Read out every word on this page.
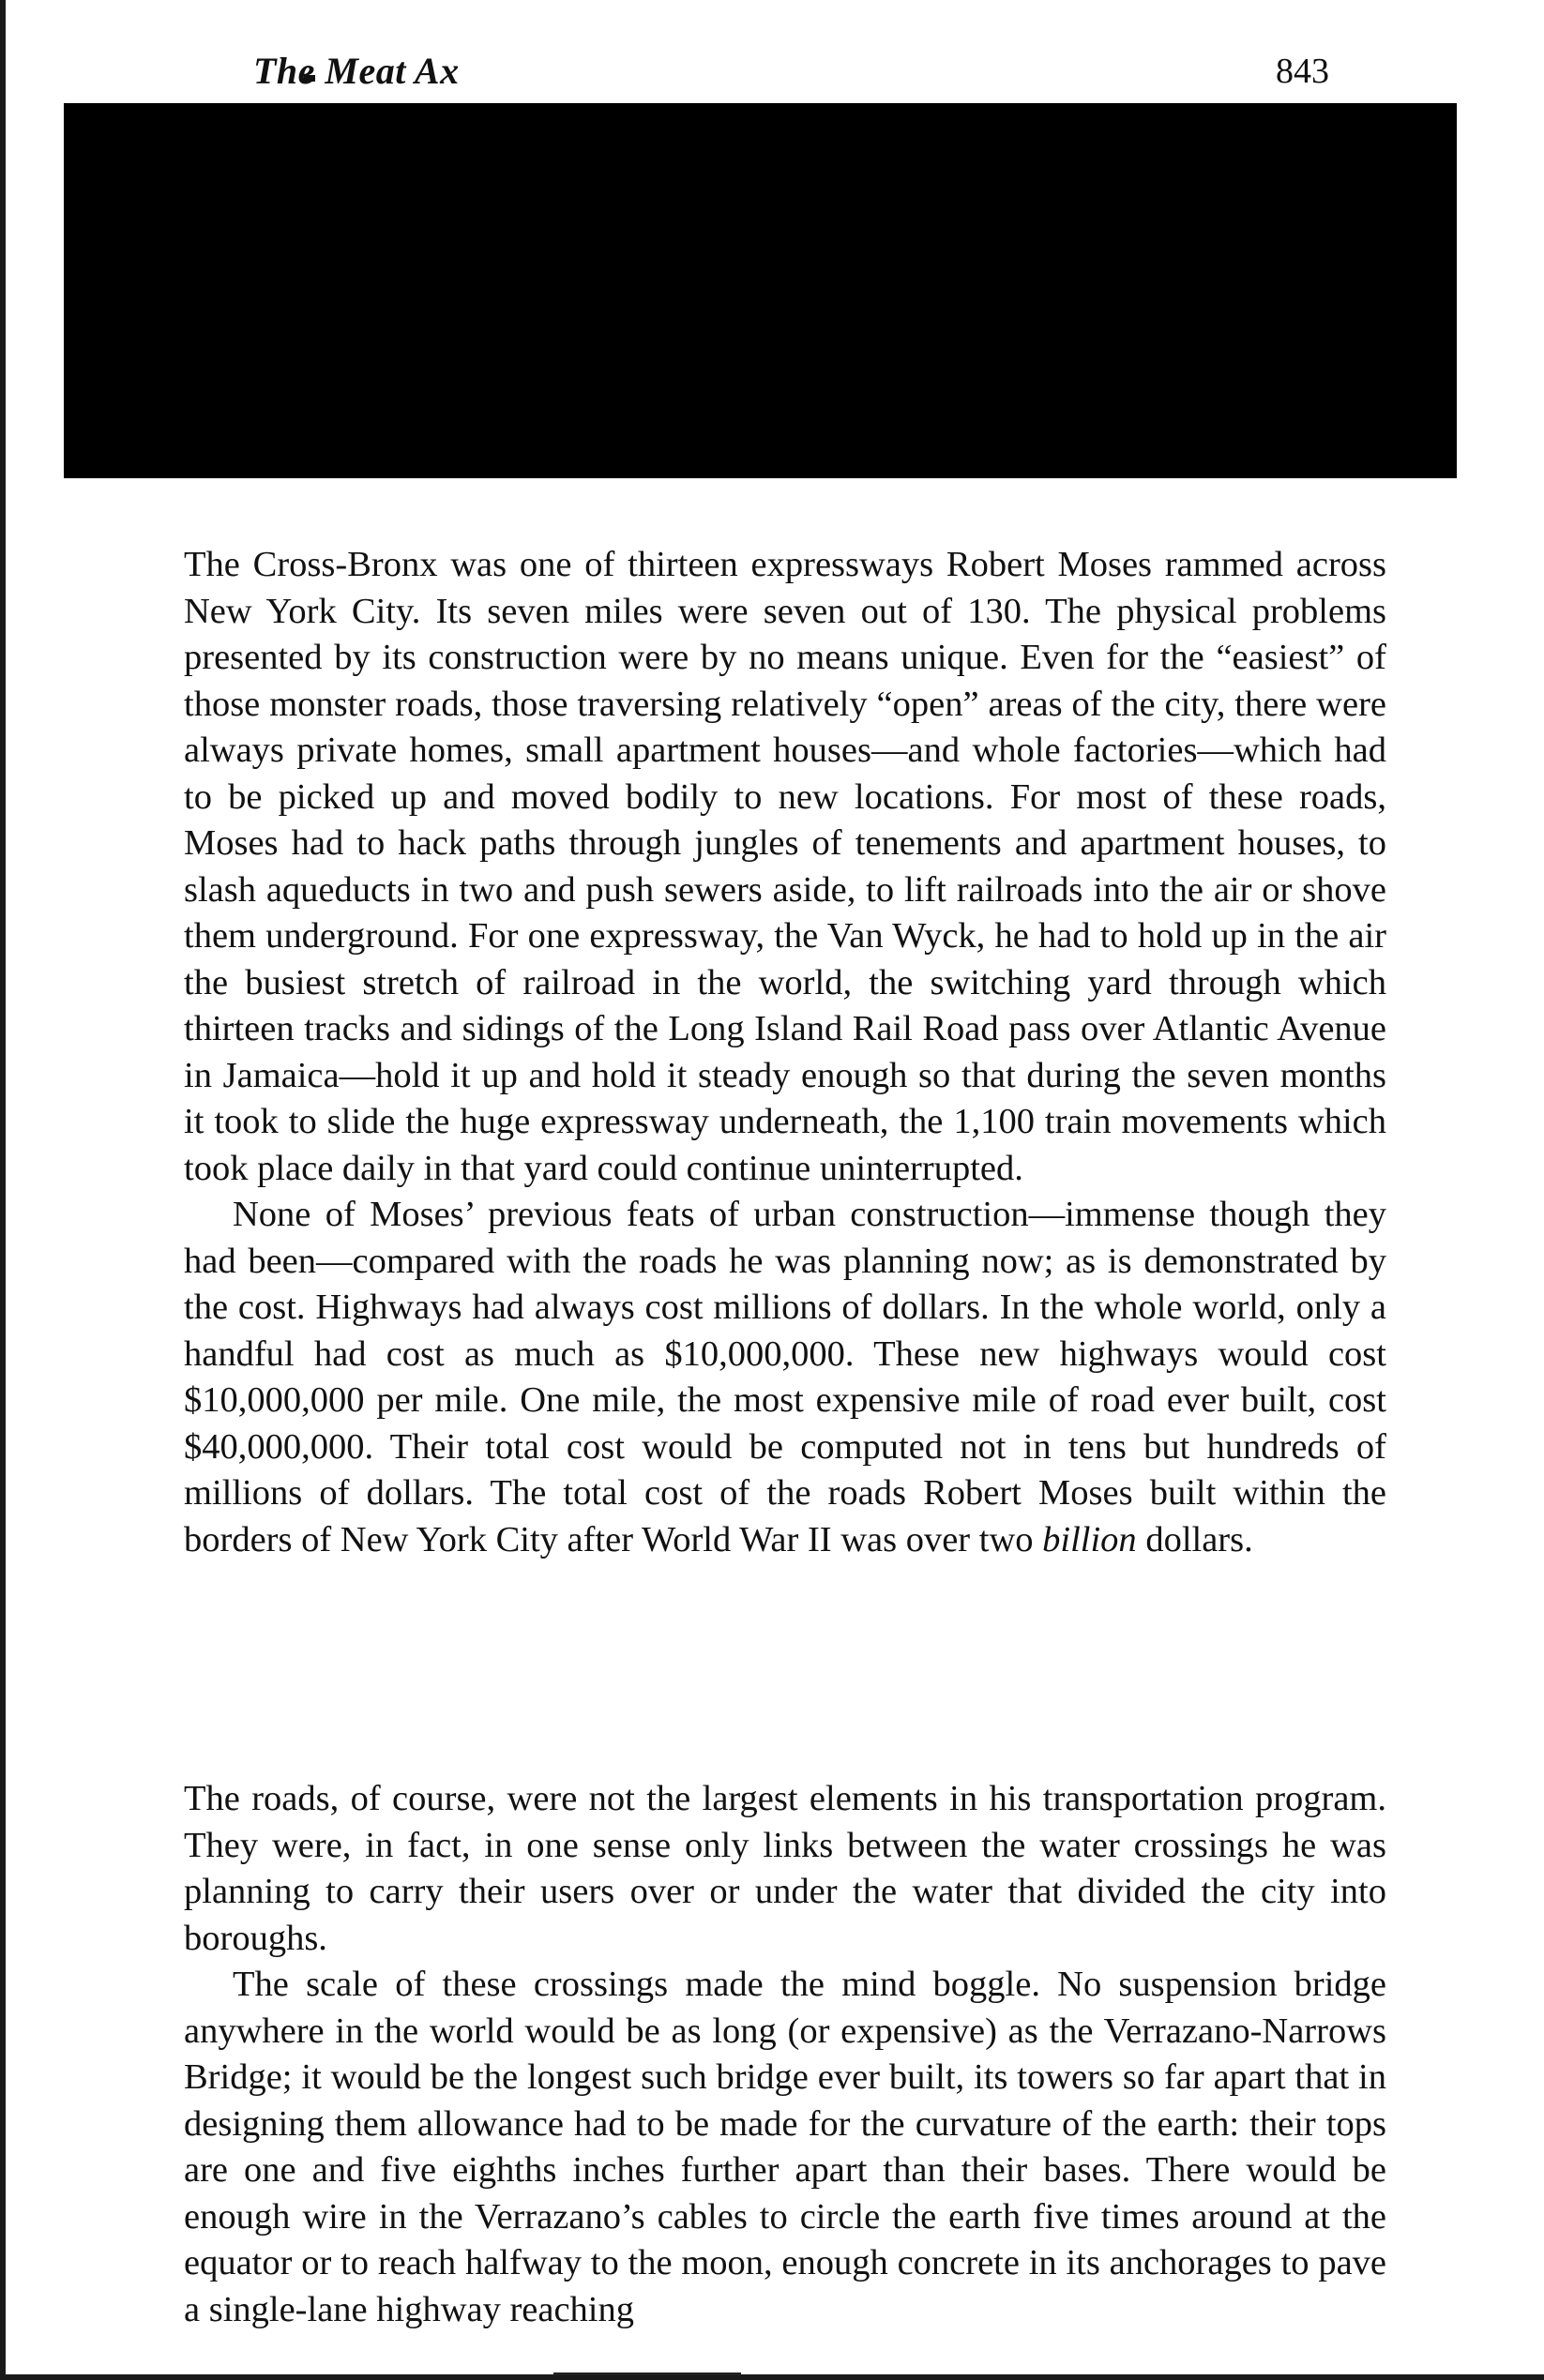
The Meat Ax	843

The Cross-Bronx was one of thirteen expressways Robert Moses rammed across New York City. Its seven miles were seven out of 130. The physical problems presented by its construction were by no means unique. Even for the “easiest” of those monster roads, those traversing relatively “open” areas of the city, there were always private homes, small apartment houses—and whole factories—which had to be picked up and moved bodily to new locations. For most of these roads, Moses had to hack paths through jungles of tenements and apartment houses, to slash aqueducts in two and push sewers aside, to lift railroads into the air or shove them underground. For one expressway, the Van Wyck, he had to hold up in the air the busiest stretch of railroad in the world, the switching yard through which thirteen tracks and sidings of the Long Island Rail Road pass over Atlantic Avenue in Jamaica—hold it up and hold it steady enough so that during the seven months it took to slide the huge expressway underneath, the 1,100 train movements which took place daily in that yard could continue uninterrupted.

None of Moses’ previous feats of urban construction—immense though they had been—compared with the roads he was planning now; as is demonstrated by the cost. Highways had always cost millions of dollars. In the whole world, only a handful had cost as much as $10,000,000. These new highways would cost $10,000,000 per mile. One mile, the most expensive mile of road ever built, cost $40,000,000. Their total cost would be computed not in tens but hundreds of millions of dollars. The total cost of the roads Robert Moses built within the borders of New York City after World War II was over two billion dollars.

The roads, of course, were not the largest elements in his transportation program. They were, in fact, in one sense only links between the water crossings he was planning to carry their users over or under the water that divided the city into boroughs.

The scale of these crossings made the mind boggle. No suspension bridge anywhere in the world would be as long (or expensive) as the Verrazano-Narrows Bridge; it would be the longest such bridge ever built, its towers so far apart that in designing them allowance had to be made for the curvature of the earth: their tops are one and five eighths inches further apart than their bases. There would be enough wire in the Verrazano’s cables to circle the earth five times around at the equator or to reach halfway to the moon, enough concrete in its anchorages to pave a single-lane highway reaching
